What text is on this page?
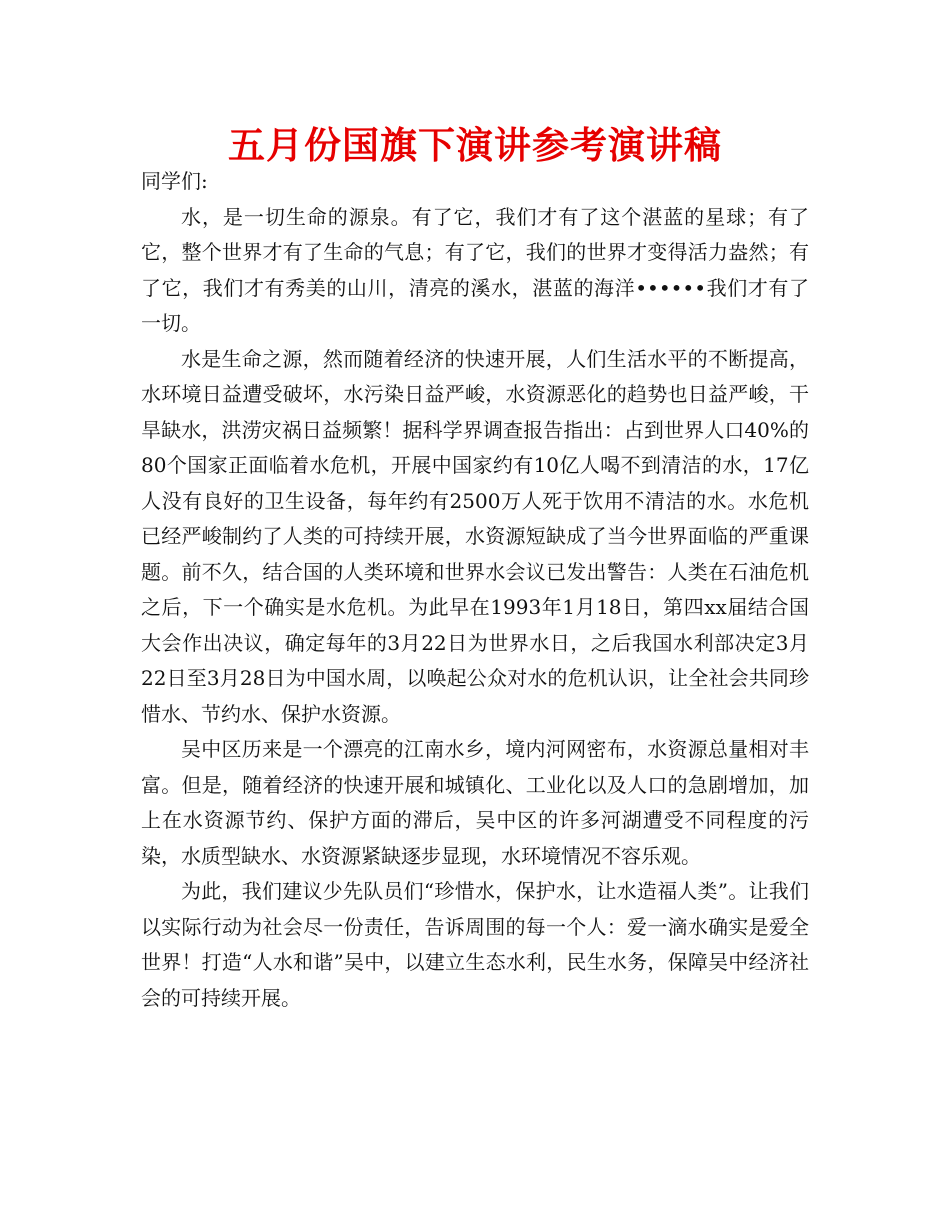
五月份国旗下演讲参考演讲稿

同学们:

水，是一切生命的源泉。有了它，我们才有了这个湛蓝的星球；有了它，整个世界才有了生命的气息；有了它，我们的世界才变得活力盎然；有了它，我们才有秀美的山川，清亮的溪水，湛蓝的海洋••••••我们才有了一切。

水是生命之源，然而随着经济的快速开展，人们生活水平的不断提高，水环境日益遭受破坏，水污染日益严峻，水资源恶化的趋势也日益严峻，干旱缺水，洪涝灾祸日益频繁！据科学界调查报告指出：占到世界人口40%的80个国家正面临着水危机，开展中国家约有10亿人喝不到清洁的水，17亿人没有良好的卫生设备，每年约有2500万人死于饮用不清洁的水。水危机已经严峻制约了人类的可持续开展，水资源短缺成了当今世界面临的严重课题。前不久，结合国的人类环境和世界水会议已发出警告：人类在石油危机之后，下一个确实是水危机。为此早在1993年1月18日，第四xx届结合国大会作出决议，确定每年的3月22日为世界水日，之后我国水利部决定3月22日至3月28日为中国水周，以唤起公众对水的危机认识，让全社会共同珍惜水、节约水、保护水资源。

吴中区历来是一个漂亮的江南水乡，境内河网密布，水资源总量相对丰富。但是，随着经济的快速开展和城镇化、工业化以及人口的急剧增加，加上在水资源节约、保护方面的滞后，吴中区的许多河湖遭受不同程度的污染，水质型缺水、水资源紧缺逐步显现，水环境情况不容乐观。

为此，我们建议少先队员们“珍惜水，保护水，让水造福人类”。让我们以实际行动为社会尽一份责任，告诉周围的每一个人：爱一滴水确实是爱全世界！打造“人水和谐”吴中，以建立生态水利，民生水务，保障吴中经济社会的可持续开展。
